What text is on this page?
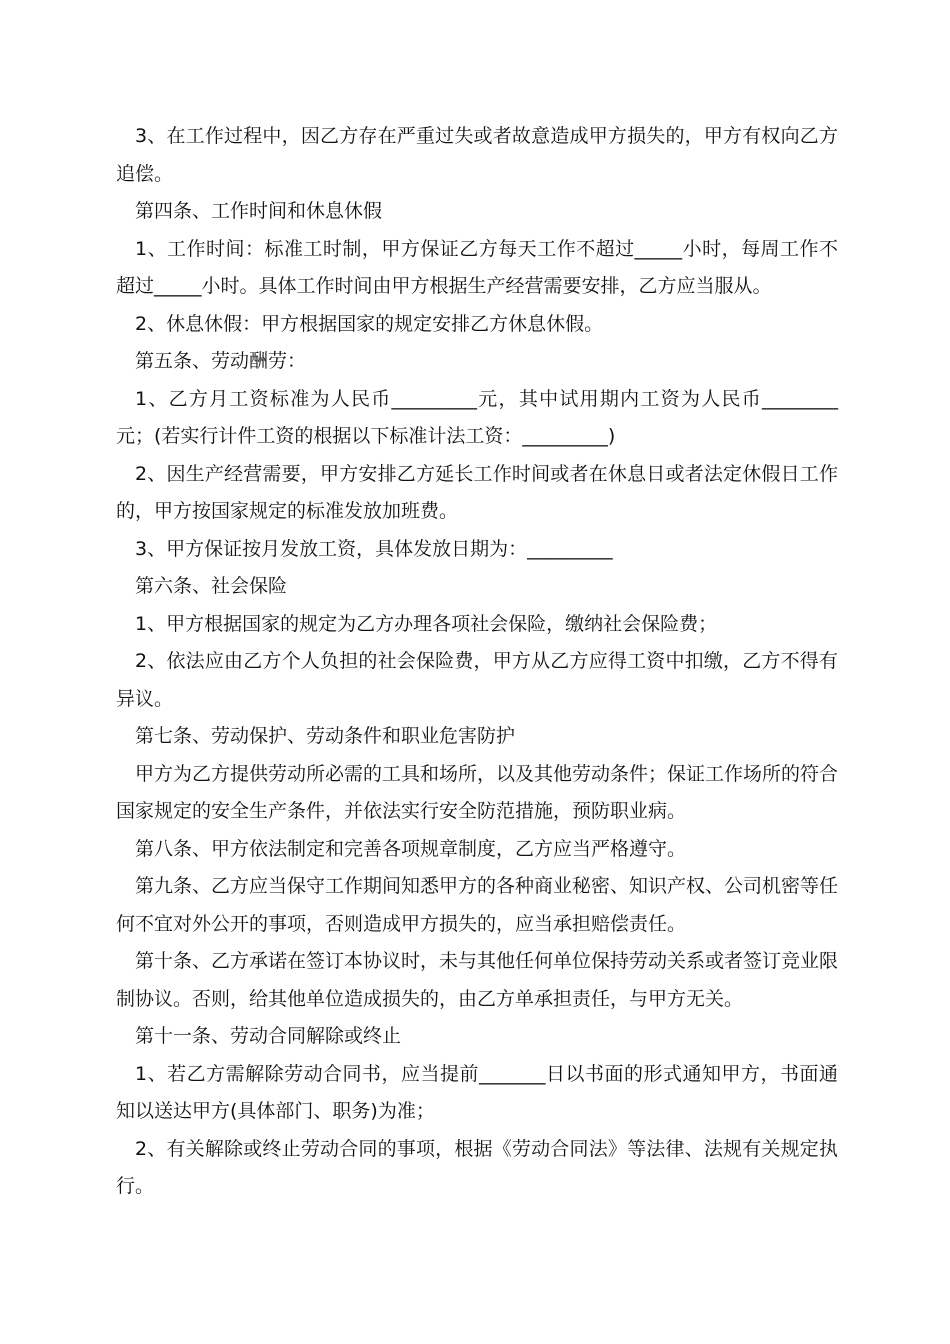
3、在工作过程中，因乙方存在严重过失或者故意造成甲方损失的，甲方有权向乙方追偿。

第四条、工作时间和休息休假

1、工作时间：标准工时制，甲方保证乙方每天工作不超过_____小时，每周工作不超过_____小时。具体工作时间由甲方根据生产经营需要安排，乙方应当服从。

2、休息休假：甲方根据国家的规定安排乙方休息休假。

第五条、劳动酬劳：

1、乙方月工资标准为人民币_________元，其中试用期内工资为人民币________元；(若实行计件工资的根据以下标准计法工资：_________)

2、因生产经营需要，甲方安排乙方延长工作时间或者在休息日或者法定休假日工作的，甲方按国家规定的标准发放加班费。

3、甲方保证按月发放工资，具体发放日期为：_________

第六条、社会保险

1、甲方根据国家的规定为乙方办理各项社会保险，缴纳社会保险费；

2、依法应由乙方个人负担的社会保险费，甲方从乙方应得工资中扣缴，乙方不得有异议。

第七条、劳动保护、劳动条件和职业危害防护

甲方为乙方提供劳动所必需的工具和场所，以及其他劳动条件；保证工作场所的符合国家规定的安全生产条件，并依法实行安全防范措施，预防职业病。

第八条、甲方依法制定和完善各项规章制度，乙方应当严格遵守。

第九条、乙方应当保守工作期间知悉甲方的各种商业秘密、知识产权、公司机密等任何不宜对外公开的事项，否则造成甲方损失的，应当承担赔偿责任。

第十条、乙方承诺在签订本协议时，未与其他任何单位保持劳动关系或者签订竞业限制协议。否则，给其他单位造成损失的，由乙方单承担责任，与甲方无关。

第十一条、劳动合同解除或终止

1、若乙方需解除劳动合同书，应当提前_______日以书面的形式通知甲方，书面通知以送达甲方(具体部门、职务)为准；

2、有关解除或终止劳动合同的事项，根据《劳动合同法》等法律、法规有关规定执行。
